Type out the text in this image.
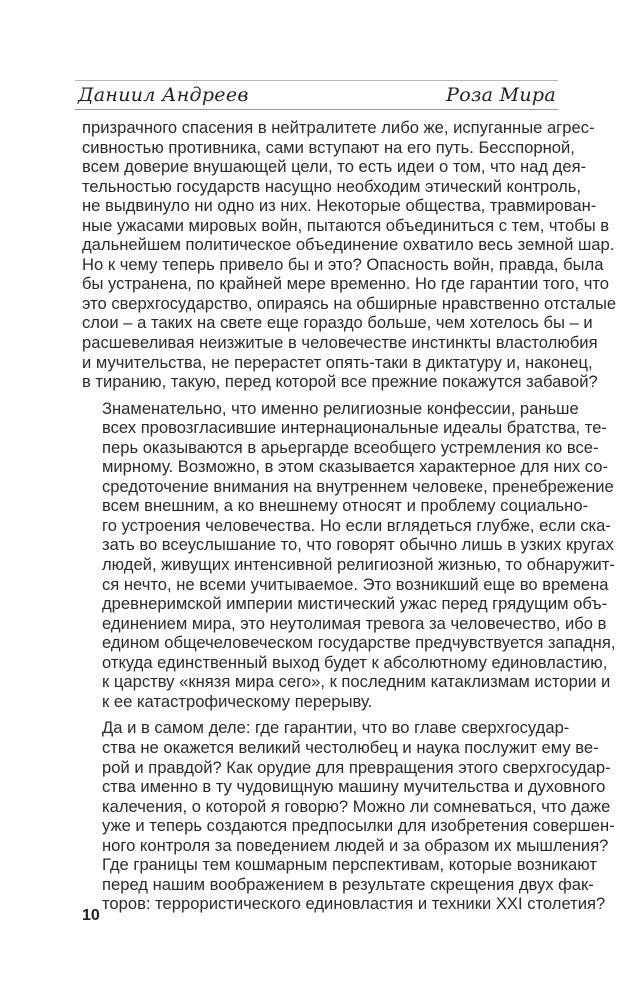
Даниил Андреев	Роза Мира

призрачного спасения в нейтралитете либо же, испуганные агрес-
сивностью противника, сами вступают на его путь. Бесспорной,
всем доверие внушающей цели, то есть идеи о том, что над дея-
тельностью государств насущно необходим этический контроль,
не выдвинуло ни одно из них. Некоторые общества, травмирован-
ные ужасами мировых войн, пытаются объединиться с тем, чтобы в
дальнейшем политическое объединение охватило весь земной шар.
Но к чему теперь привело бы и это? Опасность войн, правда, была
бы устранена, по крайней мере временно. Но где гарантии того, что
это сверхгосударство, опираясь на обширные нравственно отсталые
слои – а таких на свете еще гораздо больше, чем хотелось бы – и
расшевеливая неизжитые в человечестве инстинкты властолюбия
и мучительства, не перерастет опять-таки в диктатуру и, наконец,
в тиранию, такую, перед которой все прежние покажутся забавой?

Знаменательно, что именно религиозные конфессии, раньше
всех провозгласившие интернациональные идеалы братства, те-
перь оказываются в арьергарде всеобщего устремления ко все-
мирному. Возможно, в этом сказывается характерное для них со-
средоточение внимания на внутреннем человеке, пренебрежение
всем внешним, а ко внешнему относят и проблему социально-
го устроения человечества. Но если вглядеться глубже, если ска-
зать во всеуслышание то, что говорят обычно лишь в узких кругах
людей, живущих интенсивной религиозной жизнью, то обнаружит-
ся нечто, не всеми учитываемое. Это возникший еще во времена
древнеримской империи мистический ужас перед грядущим объ-
единением мира, это неутолимая тревога за человечество, ибо в
едином общечеловеческом государстве предчувствуется западня,
откуда единственный выход будет к абсолютному единовластию,
к царству «князя мира сего», к последним катаклизмам истории и
к ее катастрофическому перерыву.

Да и в самом деле: где гарантии, что во главе сверхгосудар-
ства не окажется великий честолюбец и наука послужит ему ве-
рой и правдой? Как орудие для превращения этого сверхгосудар-
ства именно в ту чудовищную машину мучительства и духовного
калечения, о которой я говорю? Можно ли сомневаться, что даже
уже и теперь создаются предпосылки для изобретения совершен-
ного контроля за поведением людей и за образом их мышления?
Где границы тем кошмарным перспективам, которые возникают
перед нашим воображением в результате скрещения двух фак-
торов: террористического единовластия и техники XXI столетия?

10
